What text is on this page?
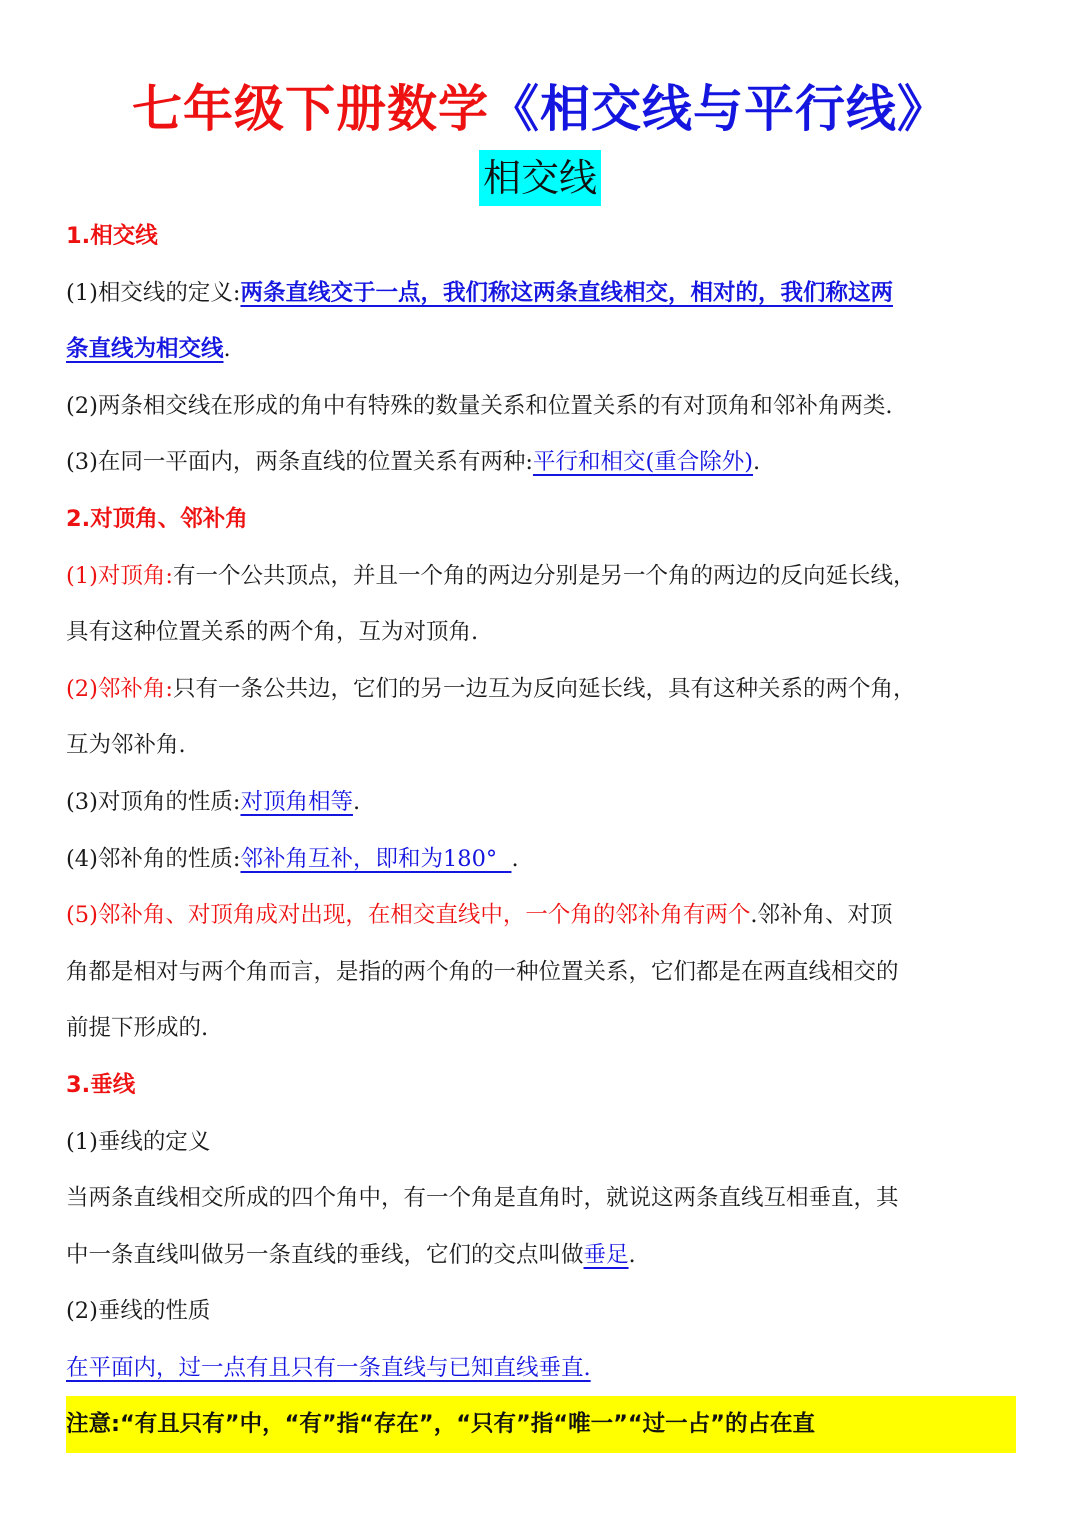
七年级下册数学《相交线与平行线》
相交线
1.相交线
(1)相交线的定义:两条直线交于一点，我们称这两条直线相交，相对的，我们称这两
条直线为相交线.
(2)两条相交线在形成的角中有特殊的数量关系和位置关系的有对顶角和邻补角两类.
(3)在同一平面内，两条直线的位置关系有两种:平行和相交(重合除外).
2.对顶角、邻补角
(1)对顶角:有一个公共顶点，并且一个角的两边分别是另一个角的两边的反向延长线，
具有这种位置关系的两个角，互为对顶角.
(2)邻补角:只有一条公共边，它们的另一边互为反向延长线，具有这种关系的两个角，
互为邻补角.
(3)对顶角的性质:对顶角相等.
(4)邻补角的性质:邻补角互补，即和为180°  .
(5)邻补角、对顶角成对出现，在相交直线中，一个角的邻补角有两个.邻补角、对顶
角都是相对与两个角而言，是指的两个角的一种位置关系，它们都是在两直线相交的
前提下形成的.
3.垂线
(1)垂线的定义
当两条直线相交所成的四个角中，有一个角是直角时，就说这两条直线互相垂直，其
中一条直线叫做另一条直线的垂线，它们的交点叫做垂足.
(2)垂线的性质
在平面内，过一点有且只有一条直线与已知直线垂直.
注意:“有且只有”中，“有”指“存在”，“只有”指“唯一”“过一占”的占在直
